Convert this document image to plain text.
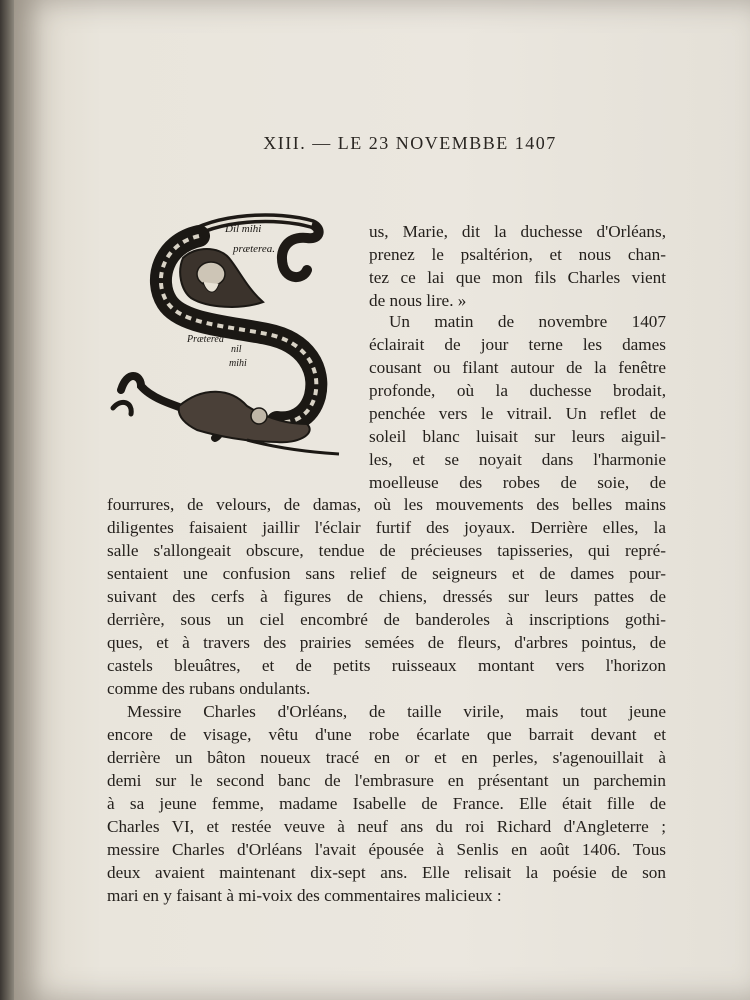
XIII. — LE 23 NOVEMBBE 1407
Dil mihi
præterea.
Præterea
nil
mihi
us, Marie, dit la duchesse d'Orléans,
prenez le psaltérion, et nous chan-
tez ce lai que mon fils Charles vient
de nous lire. »
Un matin de novembre 1407
éclairait de jour terne les dames
cousant ou filant autour de la fenêtre
profonde, où la duchesse brodait,
penchée vers le vitrail. Un reflet de
soleil blanc luisait sur leurs aiguil-
les, et se noyait dans l'harmonie
moelleuse des robes de soie, de
fourrures, de velours, de damas, où les mouvements des belles mains
diligentes faisaient jaillir l'éclair furtif des joyaux. Derrière elles, la
salle s'allongeait obscure, tendue de précieuses tapisseries, qui repré-
sentaient une confusion sans relief de seigneurs et de dames pour-
suivant des cerfs à figures de chiens, dressés sur leurs pattes de
derrière, sous un ciel encombré de banderoles à inscriptions gothi-
ques, et à travers des prairies semées de fleurs, d'arbres pointus, de
castels bleuâtres, et de petits ruisseaux montant vers l'horizon
comme des rubans ondulants.
Messire Charles d'Orléans, de taille virile, mais tout jeune
encore de visage, vêtu d'une robe écarlate que barrait devant et
derrière un bâton noueux tracé en or et en perles, s'agenouillait à
demi sur le second banc de l'embrasure en présentant un parchemin
à sa jeune femme, madame Isabelle de France. Elle était fille de
Charles VI, et restée veuve à neuf ans du roi Richard d'Angleterre ;
messire Charles d'Orléans l'avait épousée à Senlis en août 1406. Tous
deux avaient maintenant dix-sept ans. Elle relisait la poésie de son
mari en y faisant à mi-voix des commentaires malicieux :
